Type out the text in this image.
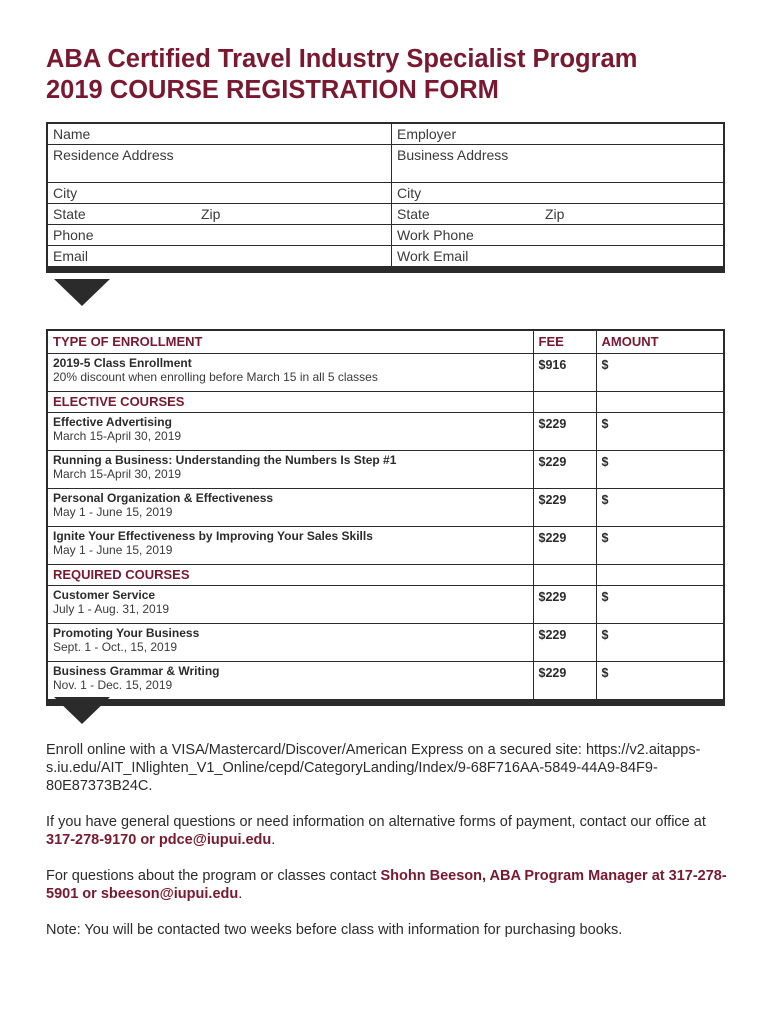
ABA Certified Travel Industry Specialist Program
2019 COURSE REGISTRATION FORM
Name	Employer
Residence Address	Business Address
City	City

State Zip	State Zip

Phone	Work Phone
Email	Work Email
TYPE OF ENROLLMENT	FEE	AMOUNT

2019-5 Class Enrollment
20% discount when enrolling before March 15 in all 5 classes	$916	$
ELECTIVE COURSES		

Effective Advertising
March 15-April 30, 2019	$229	$

Running a Business: Understanding the Numbers Is Step #1
March 15-April 30, 2019	$229	$

Personal Organization & Effectiveness
May 1 - June 15, 2019	$229	$

Ignite Your Effectiveness by Improving Your Sales Skills
May 1 - June 15, 2019	$229	$
REQUIRED COURSES		

Customer Service
July 1 - Aug. 31, 2019	$229	$

Promoting Your Business
Sept. 1 - Oct., 15, 2019	$229	$

Business Grammar & Writing
Nov. 1 - Dec. 15, 2019	$229	$

Enroll online with a VISA/Mastercard/Discover/American Express on a secured site: https://v2.aitapps-s.iu.edu/AIT_INlighten_V1_Online/cepd/CategoryLanding/Index/9-68F716AA-5849-44A9-84F9-80E87373B24C.

If you have general questions or need information on alternative forms of payment, contact our office at 317-278-9170 or pdce@iupui.edu.

For questions about the program or classes contact Shohn Beeson, ABA Program Manager at 317-278-5901 or sbeeson@iupui.edu.

Note: You will be contacted two weeks before class with information for purchasing books.
